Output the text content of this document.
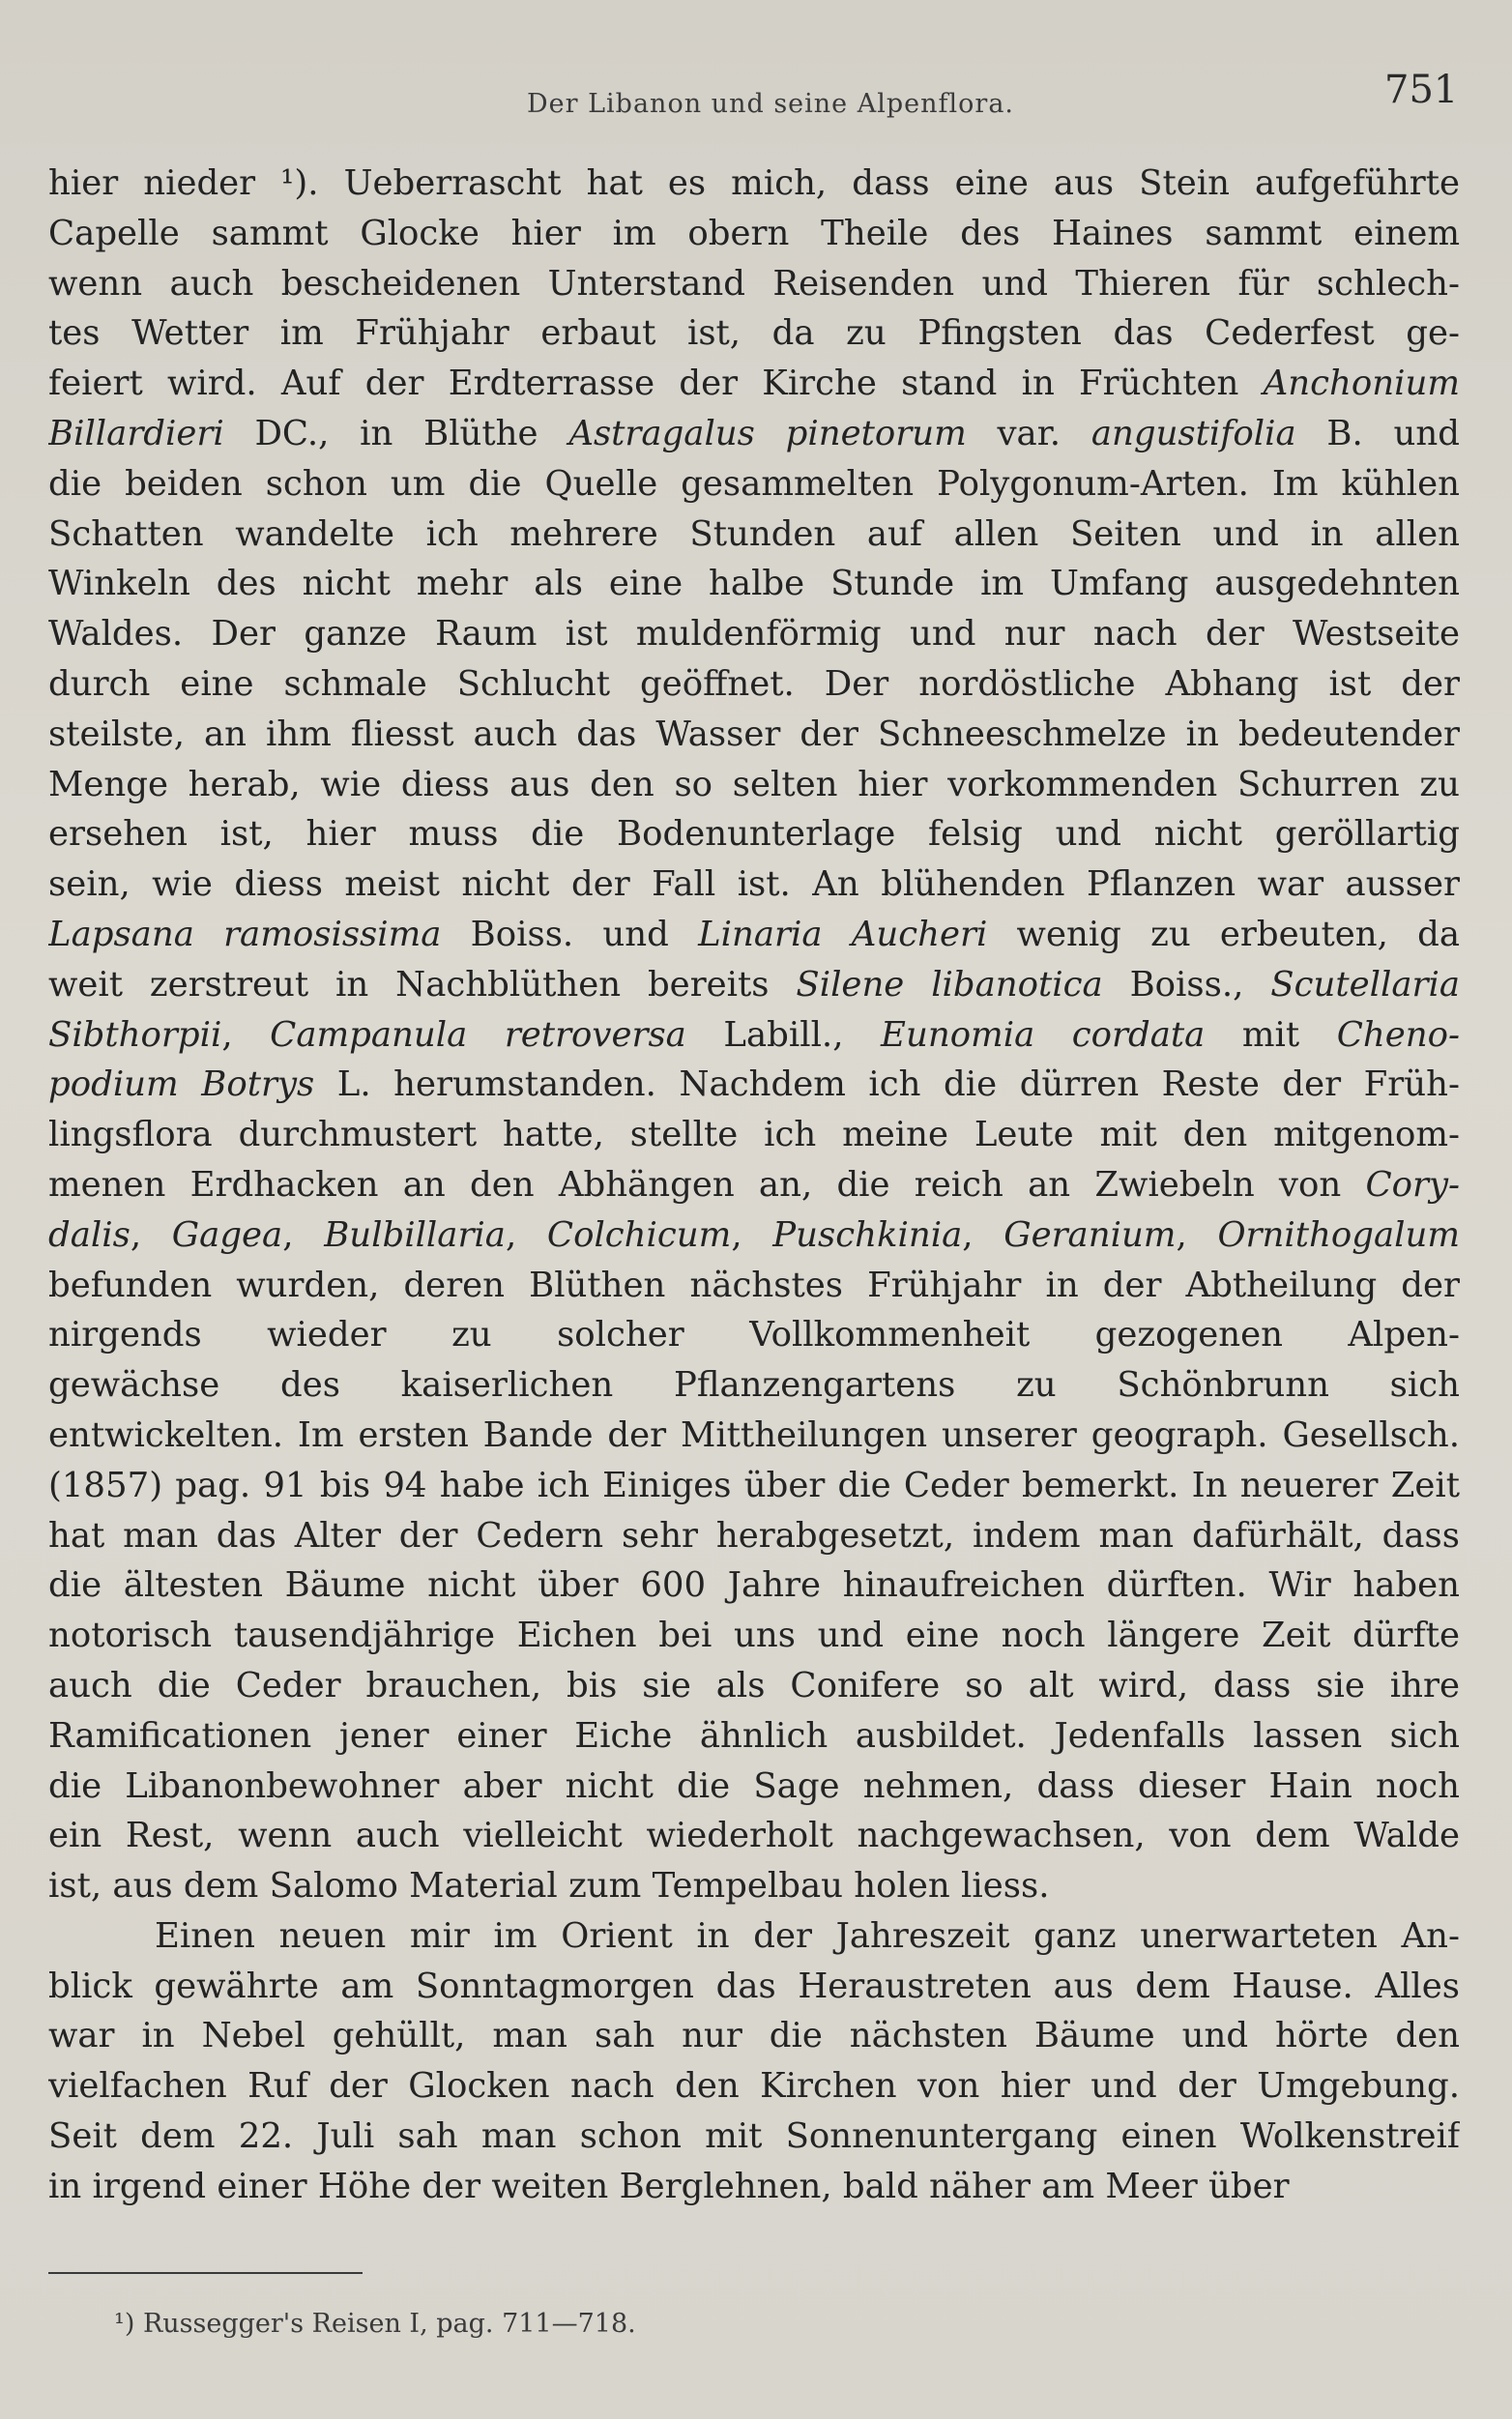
Der Libanon und seine Alpenflora.	751
hier nieder ¹). Ueberrascht hat es mich, dass eine aus Stein aufgeführte
Capelle sammt Glocke hier im obern Theile des Haines sammt einem
wenn auch bescheidenen Unterstand Reisenden und Thieren für schlech-
tes Wetter im Frühjahr erbaut ist, da zu Pfingsten das Cederfest ge-
feiert wird. Auf der Erdterrasse der Kirche stand in Früchten Anchonium
Billardieri DC., in Blüthe Astragalus pinetorum var. angustifolia B. und
die beiden schon um die Quelle gesammelten Polygonum-Arten. Im kühlen
Schatten wandelte ich mehrere Stunden auf allen Seiten und in allen
Winkeln des nicht mehr als eine halbe Stunde im Umfang ausgedehnten
Waldes. Der ganze Raum ist muldenförmig und nur nach der Westseite
durch eine schmale Schlucht geöffnet. Der nordöstliche Abhang ist der
steilste, an ihm fliesst auch das Wasser der Schneeschmelze in bedeutender
Menge herab, wie diess aus den so selten hier vorkommenden Schurren zu
ersehen ist, hier muss die Bodenunterlage felsig und nicht geröllartig
sein, wie diess meist nicht der Fall ist. An blühenden Pflanzen war ausser
Lapsana ramosissima Boiss. und Linaria Aucheri wenig zu erbeuten, da
weit zerstreut in Nachblüthen bereits Silene libanotica Boiss., Scutellaria
Sibthorpii, Campanula retroversa Labill., Eunomia cordata mit Cheno-
podium Botrys L. herumstanden. Nachdem ich die dürren Reste der Früh-
lingsflora durchmustert hatte, stellte ich meine Leute mit den mitgenom-
menen Erdhacken an den Abhängen an, die reich an Zwiebeln von Cory-
dalis, Gagea, Bulbillaria, Colchicum, Puschkinia, Geranium, Ornithogalum
befunden wurden, deren Blüthen nächstes Frühjahr in der Abtheilung der
nirgends wieder zu solcher Vollkommenheit gezogenen Alpen-
gewächse des kaiserlichen Pflanzengartens zu Schönbrunn sich
entwickelten. Im ersten Bande der Mittheilungen unserer geograph. Gesellsch.
(1857) pag. 91 bis 94 habe ich Einiges über die Ceder bemerkt. In neuerer Zeit
hat man das Alter der Cedern sehr herabgesetzt, indem man dafürhält, dass
die ältesten Bäume nicht über 600 Jahre hinaufreichen dürften. Wir haben
notorisch tausendjährige Eichen bei uns und eine noch längere Zeit dürfte
auch die Ceder brauchen, bis sie als Conifere so alt wird, dass sie ihre
Ramificationen jener einer Eiche ähnlich ausbildet. Jedenfalls lassen sich
die Libanonbewohner aber nicht die Sage nehmen, dass dieser Hain noch
ein Rest, wenn auch vielleicht wiederholt nachgewachsen, von dem Walde
ist, aus dem Salomo Material zum Tempelbau holen liess.
Einen neuen mir im Orient in der Jahreszeit ganz unerwarteten An-
blick gewährte am Sonntagmorgen das Heraustreten aus dem Hause. Alles
war in Nebel gehüllt, man sah nur die nächsten Bäume und hörte den
vielfachen Ruf der Glocken nach den Kirchen von hier und der Umgebung.
Seit dem 22. Juli sah man schon mit Sonnenuntergang einen Wolkenstreif
in irgend einer Höhe der weiten Berglehnen, bald näher am Meer über
¹) Russegger's Reisen I, pag. 711—718.
